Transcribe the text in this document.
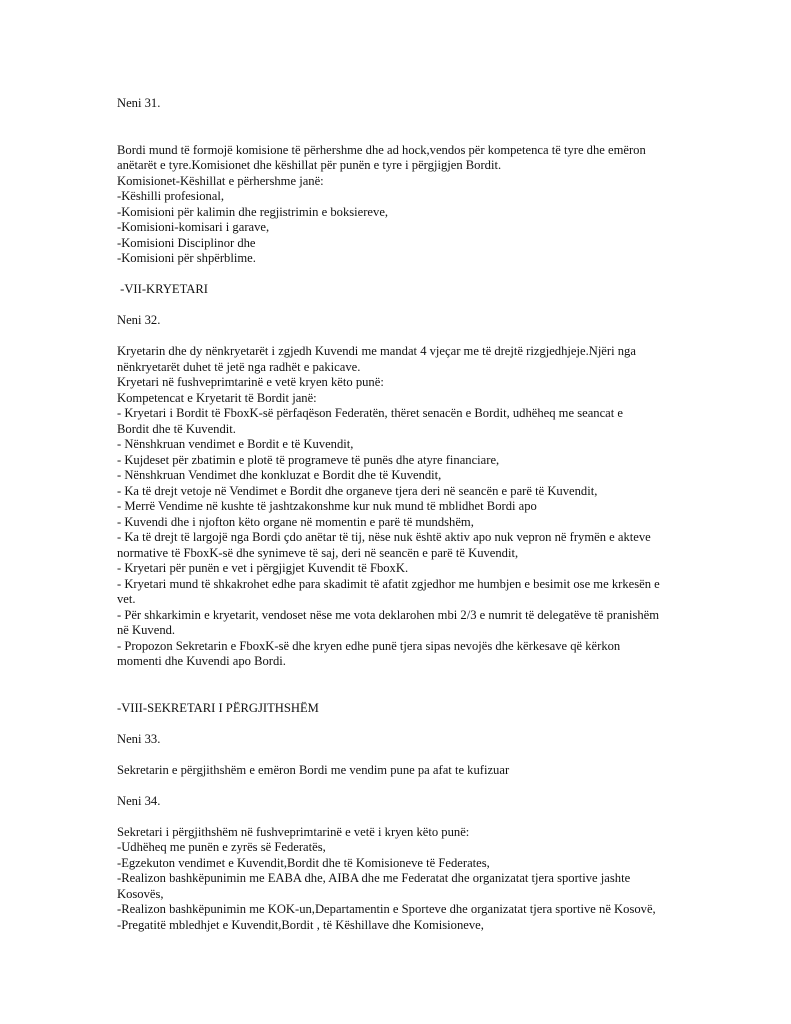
Neni 31.
Bordi mund të formojë komisione të përhershme dhe ad hock,vendos për kompetenca të tyre dhe emëron
anëtarët e tyre.Komisionet dhe këshillat për punën e tyre i përgjigjen Bordit.
Komisionet-Këshillat e përhershme janë:
-Këshilli profesional,
-Komisioni për kalimin dhe regjistrimin e boksiereve,
-Komisioni-komisari i garave,
-Komisioni Disciplinor dhe
-Komisioni për shpërblime.
-VII-KRYETARI
Neni 32.
Kryetarin dhe dy nënkryetarët i zgjedh Kuvendi me mandat 4 vjeçar me të drejtë rizgjedhjeje.Njëri nga
nënkryetarët duhet të jetë nga radhët e pakicave.
Kryetari në fushveprimtarinë e vetë kryen këto punë:
Kompetencat e Kryetarit të Bordit janë:
- Kryetari i Bordit të FboxK-së përfaqëson Federatën, thëret senacën e Bordit, udhëheq me seancat e
Bordit dhe të Kuvendit.
- Nënshkruan vendimet e Bordit e të Kuvendit,
- Kujdeset për zbatimin e plotë të programeve të punës dhe atyre financiare,
- Nënshkruan Vendimet dhe konkluzat e Bordit dhe të Kuvendit,
- Ka të drejt vetoje në Vendimet e Bordit dhe organeve tjera deri në seancën e parë të Kuvendit,
- Merrë Vendime në kushte të jashtzakonshme kur nuk mund të mblidhet Bordi apo
- Kuvendi dhe i njofton këto organe në momentin e parë të mundshëm,
- Ka të drejt të largojë nga Bordi çdo anëtar të tij, nëse nuk është aktiv apo nuk vepron në frymën e akteve
normative të FboxK-së dhe synimeve të saj, deri në seancën e parë të Kuvendit,
- Kryetari për punën e vet i përgjigjet Kuvendit të FboxK.
- Kryetari mund të shkakrohet edhe para skadimit të afatit zgjedhor me humbjen e besimit ose me krkesën e
vet.
- Për shkarkimin e kryetarit, vendoset nëse me vota deklarohen mbi 2/3 e numrit të delegatëve të pranishëm
në Kuvend.
- Propozon Sekretarin e FboxK-së dhe kryen edhe punë tjera sipas nevojës dhe kërkesave që kërkon
momenti dhe Kuvendi apo Bordi.
-VIII-SEKRETARI I PËRGJITHSHËM
Neni 33.
Sekretarin e përgjithshëm e emëron Bordi me vendim pune pa afat te kufizuar
Neni 34.
Sekretari i përgjithshëm në fushveprimtarinë e vetë i kryen këto punë:
-Udhëheq me punën e zyrës së Federatës,
-Egzekuton vendimet e Kuvendit,Bordit dhe të Komisioneve të Federates,
-Realizon bashkëpunimin me EABA dhe, AIBA dhe me Federatat dhe organizatat tjera sportive jashte
Kosovës,
-Realizon bashkëpunimin me KOK-un,Departamentin e Sporteve dhe organizatat tjera sportive në Kosovë,
-Pregatitë mbledhjet e Kuvendit,Bordit , të Këshillave dhe Komisioneve,
